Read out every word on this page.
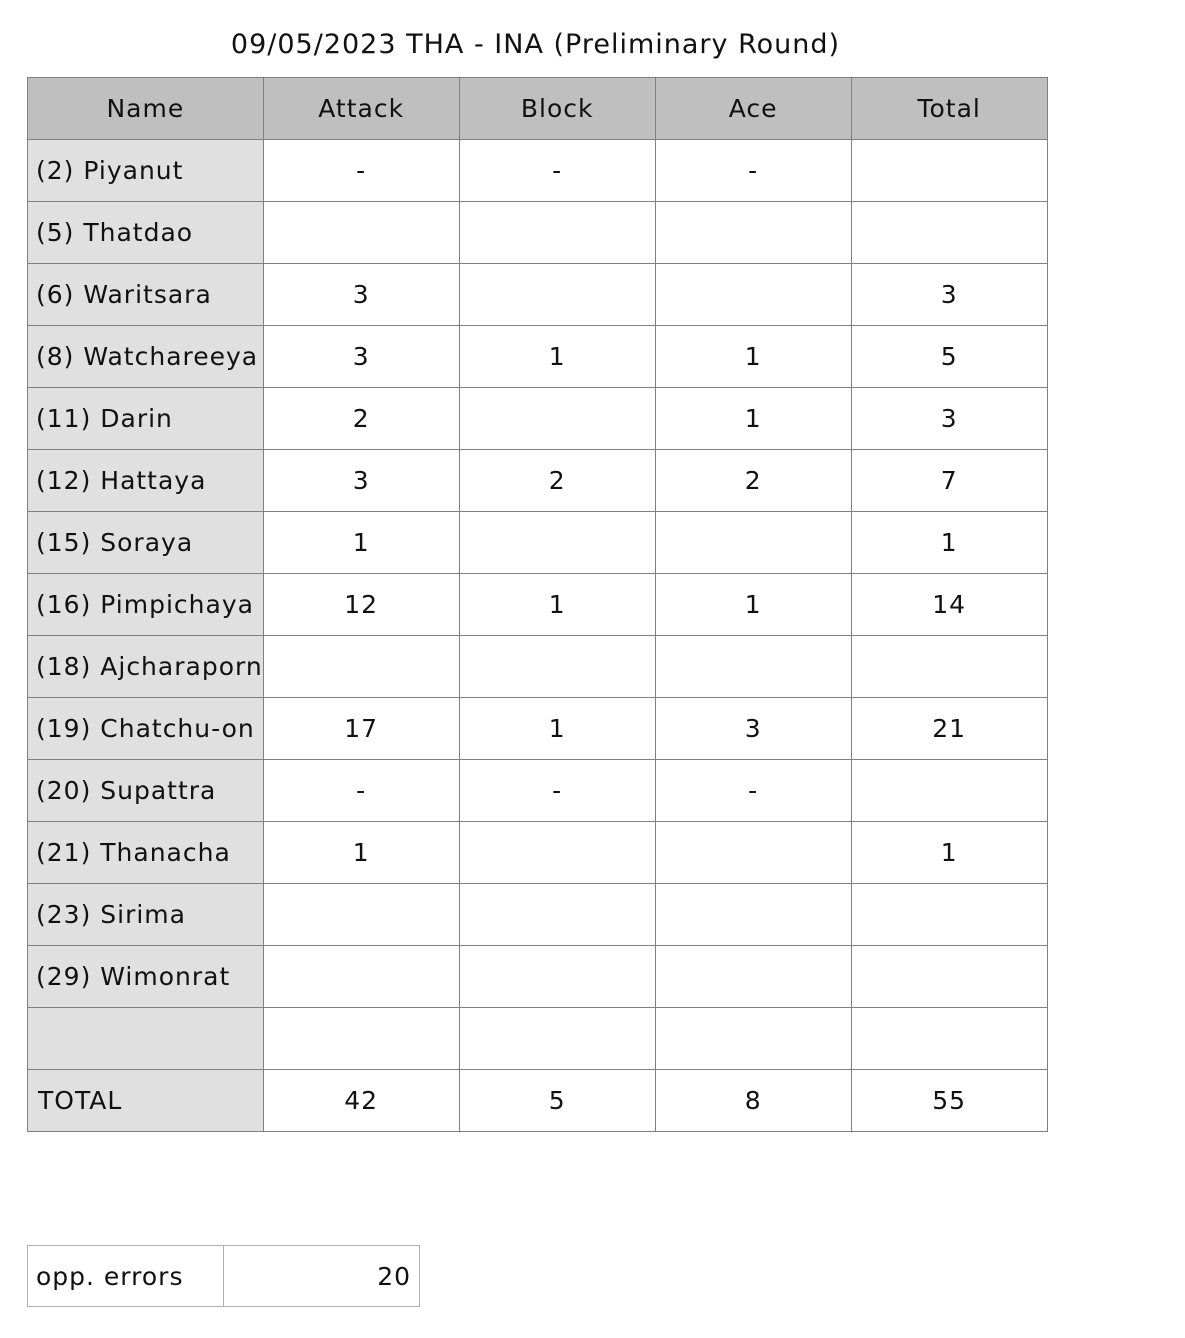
09/05/2023 THA - INA (Preliminary Round)
Name	Attack	Block	Ace	Total
(2) Piyanut	-	-	-	
(5) Thatdao				
(6) Waritsara	3			3
(8) Watchareeya	3	1	1	5
(11) Darin	2		1	3
(12) Hattaya	3	2	2	7
(15) Soraya	1			1
(16) Pimpichaya	12	1	1	14
(18) Ajcharaporn				
(19) Chatchu-on	17	1	3	21
(20) Supattra	-	-	-	
(21) Thanacha	1			1
(23) Sirima				
(29) Wimonrat				

TOTAL	42	5	8	55
opp. errors	20
